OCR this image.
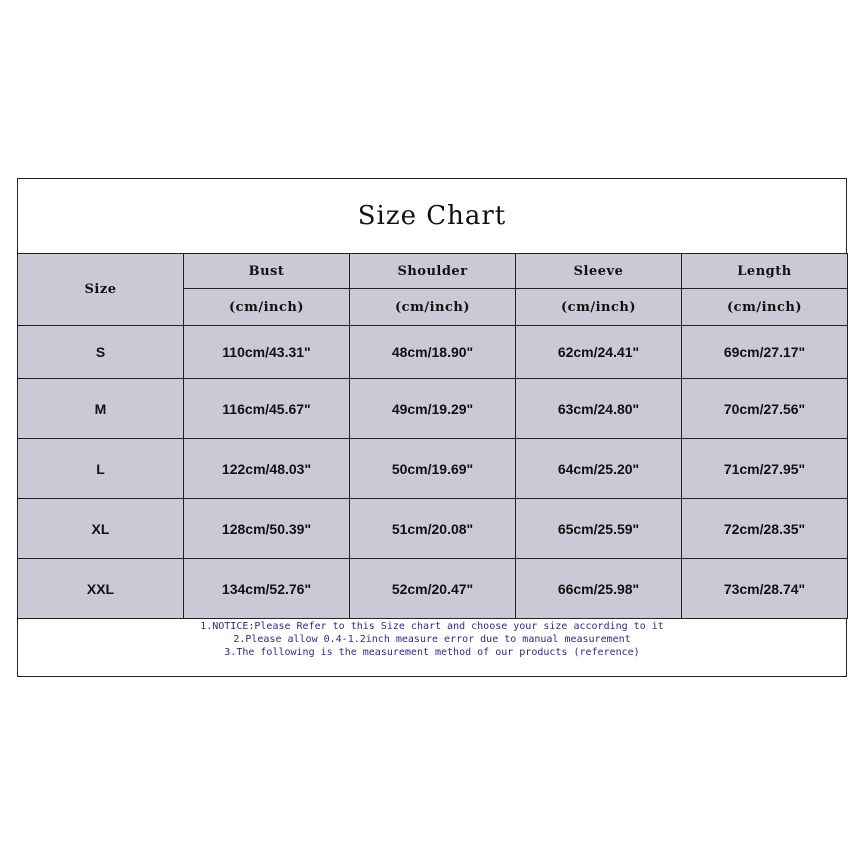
Size Chart
Size	Bust	Shoulder	Sleeve	Length
	(cm/inch)	(cm/inch)	(cm/inch)	(cm/inch)
S	110cm/43.31"	48cm/18.90"	62cm/24.41"	69cm/27.17"
M	116cm/45.67"	49cm/19.29"	63cm/24.80"	70cm/27.56"
L	122cm/48.03"	50cm/19.69"	64cm/25.20"	71cm/27.95"
XL	128cm/50.39"	51cm/20.08"	65cm/25.59"	72cm/28.35"
XXL	134cm/52.76"	52cm/20.47"	66cm/25.98"	73cm/28.74"
1.NOTICE:Please Refer to this Size chart and choose your size according to it
2.Please allow 0.4-1.2inch measure error due to manual measurement
3.The following is the measurement method of our products (reference)
